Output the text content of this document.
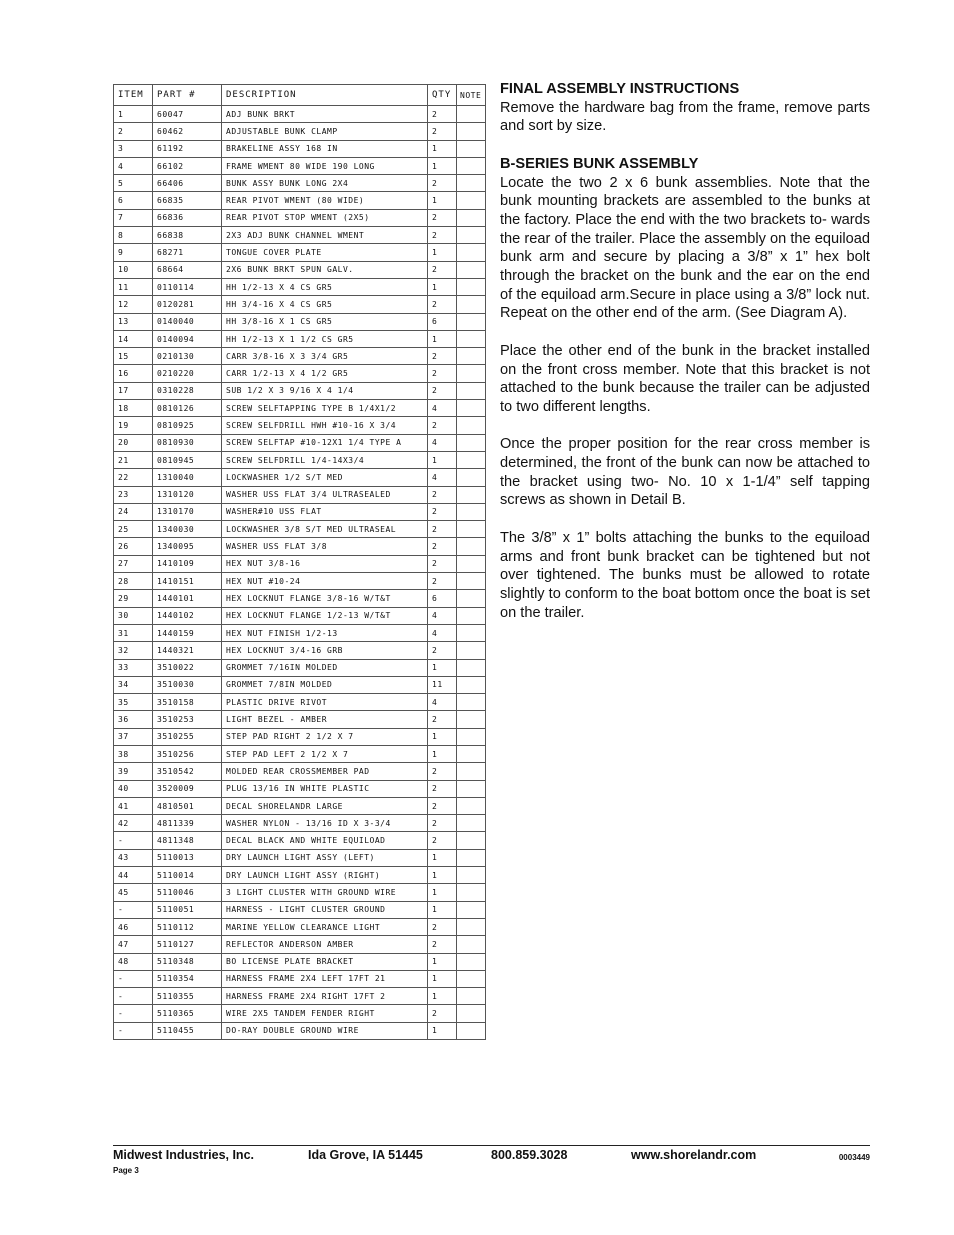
ITEM	PART #	DESCRIPTION	QTY	NOTE
1	60047	ADJ BUNK BRKT	2	
2	60462	ADJUSTABLE BUNK CLAMP	2	
3	61192	BRAKELINE ASSY 168 IN	1	
4	66102	FRAME WMENT 80 WIDE 190 LONG	1	
5	66406	BUNK ASSY BUNK LONG 2X4	2	
6	66835	REAR PIVOT WMENT (80 WIDE)	1	
7	66836	REAR PIVOT STOP WMENT (2X5)	2	
8	66838	2X3 ADJ BUNK CHANNEL WMENT	2	
9	68271	TONGUE COVER PLATE	1	
10	68664	2X6 BUNK BRKT SPUN GALV.	2	
11	0110114	HH 1/2-13 X 4 CS GR5	1	
12	0120281	HH 3/4-16 X 4 CS GR5	2	
13	0140040	HH 3/8-16 X 1 CS GR5	6	
14	0140094	HH 1/2-13 X 1 1/2 CS GR5	1	
15	0210130	CARR 3/8-16 X 3 3/4 GR5	2	
16	0210220	CARR 1/2-13 X 4 1/2 GR5	2	
17	0310228	SUB 1/2 X 3 9/16 X 4 1/4	2	
18	0810126	SCREW SELFTAPPING TYPE B 1/4X1/2	4	
19	0810925	SCREW SELFDRILL HWH #10-16 X 3/4	2	
20	0810930	SCREW SELFTAP #10-12X1 1/4 TYPE A	4	
21	0810945	SCREW SELFDRILL 1/4-14X3/4	1	
22	1310040	LOCKWASHER 1/2 S/T MED	4	
23	1310120	WASHER USS FLAT 3/4 ULTRASEALED	2	
24	1310170	WASHER#10 USS FLAT	2	
25	1340030	LOCKWASHER 3/8 S/T MED ULTRASEAL	2	
26	1340095	WASHER USS FLAT 3/8	2	
27	1410109	HEX NUT 3/8-16	2	
28	1410151	HEX NUT #10-24	2	
29	1440101	HEX LOCKNUT FLANGE 3/8-16 W/T&T	6	
30	1440102	HEX LOCKNUT FLANGE 1/2-13 W/T&T	4	
31	1440159	HEX NUT FINISH 1/2-13	4	
32	1440321	HEX LOCKNUT 3/4-16 GRB	2	
33	3510022	GROMMET 7/16IN MOLDED	1	
34	3510030	GROMMET 7/8IN MOLDED	11	
35	3510158	PLASTIC DRIVE RIVOT	4	
36	3510253	LIGHT BEZEL - AMBER	2	
37	3510255	STEP PAD RIGHT 2 1/2 X 7	1	
38	3510256	STEP PAD LEFT 2 1/2 X 7	1	
39	3510542	MOLDED REAR CROSSMEMBER PAD	2	
40	3520009	PLUG 13/16 IN WHITE PLASTIC	2	
41	4810501	DECAL SHORELANDR LARGE	2	
42	4811339	WASHER NYLON - 13/16 ID X 3-3/4	2	
-	4811348	DECAL BLACK AND WHITE EQUILOAD	2	
43	5110013	DRY LAUNCH LIGHT ASSY (LEFT)	1	
44	5110014	DRY LAUNCH LIGHT ASSY (RIGHT)	1	
45	5110046	3 LIGHT CLUSTER WITH GROUND WIRE	1	
-	5110051	HARNESS - LIGHT CLUSTER GROUND	1	
46	5110112	MARINE YELLOW CLEARANCE LIGHT	2	
47	5110127	REFLECTOR ANDERSON AMBER	2	
48	5110348	BO LICENSE PLATE BRACKET	1	
-	5110354	HARNESS FRAME 2X4 LEFT 17FT 21	1	
-	5110355	HARNESS FRAME 2X4 RIGHT 17FT 2	1	
-	5110365	WIRE 2X5 TANDEM FENDER RIGHT	2	
-	5110455	DO-RAY DOUBLE GROUND WIRE	1	
FINAL ASSEMBLY INSTRUCTIONS

Remove the hardware bag from the frame, remove parts and sort by size.

B-SERIES BUNK ASSEMBLY

Locate the two 2 x 6 bunk assemblies. Note that the bunk mounting brackets are assembled to the bunks at the factory. Place the end with the two brackets to- wards the rear of the trailer. Place the assembly on the equiload bunk arm and secure by placing a 3/8” x 1” hex bolt through the bracket on the bunk and the ear on the end of the equiload arm.Secure in place using a 3/8” lock nut. Repeat on the other end of the arm. (See Diagram A).

Place the other end of the bunk in the bracket installed on the front cross member. Note that this bracket is not attached to the bunk because the trailer can be adjusted to two different lengths.

Once the proper position for the rear cross member is determined, the front of the bunk can now be attached to the bracket using two- No. 10 x 1-1/4” self tapping screws as shown in Detail B.

The 3/8” x 1” bolts attaching the bunks to the equiload arms and front bunk bracket can be tightened but not over tightened. The bunks must be allowed to rotate slightly to conform to the boat bottom once the boat is set on the trailer.

Midwest Industries, Inc.	Ida Grove, IA 51445	800.859.3028	www.shorelandr.com	0003449
Page 3
